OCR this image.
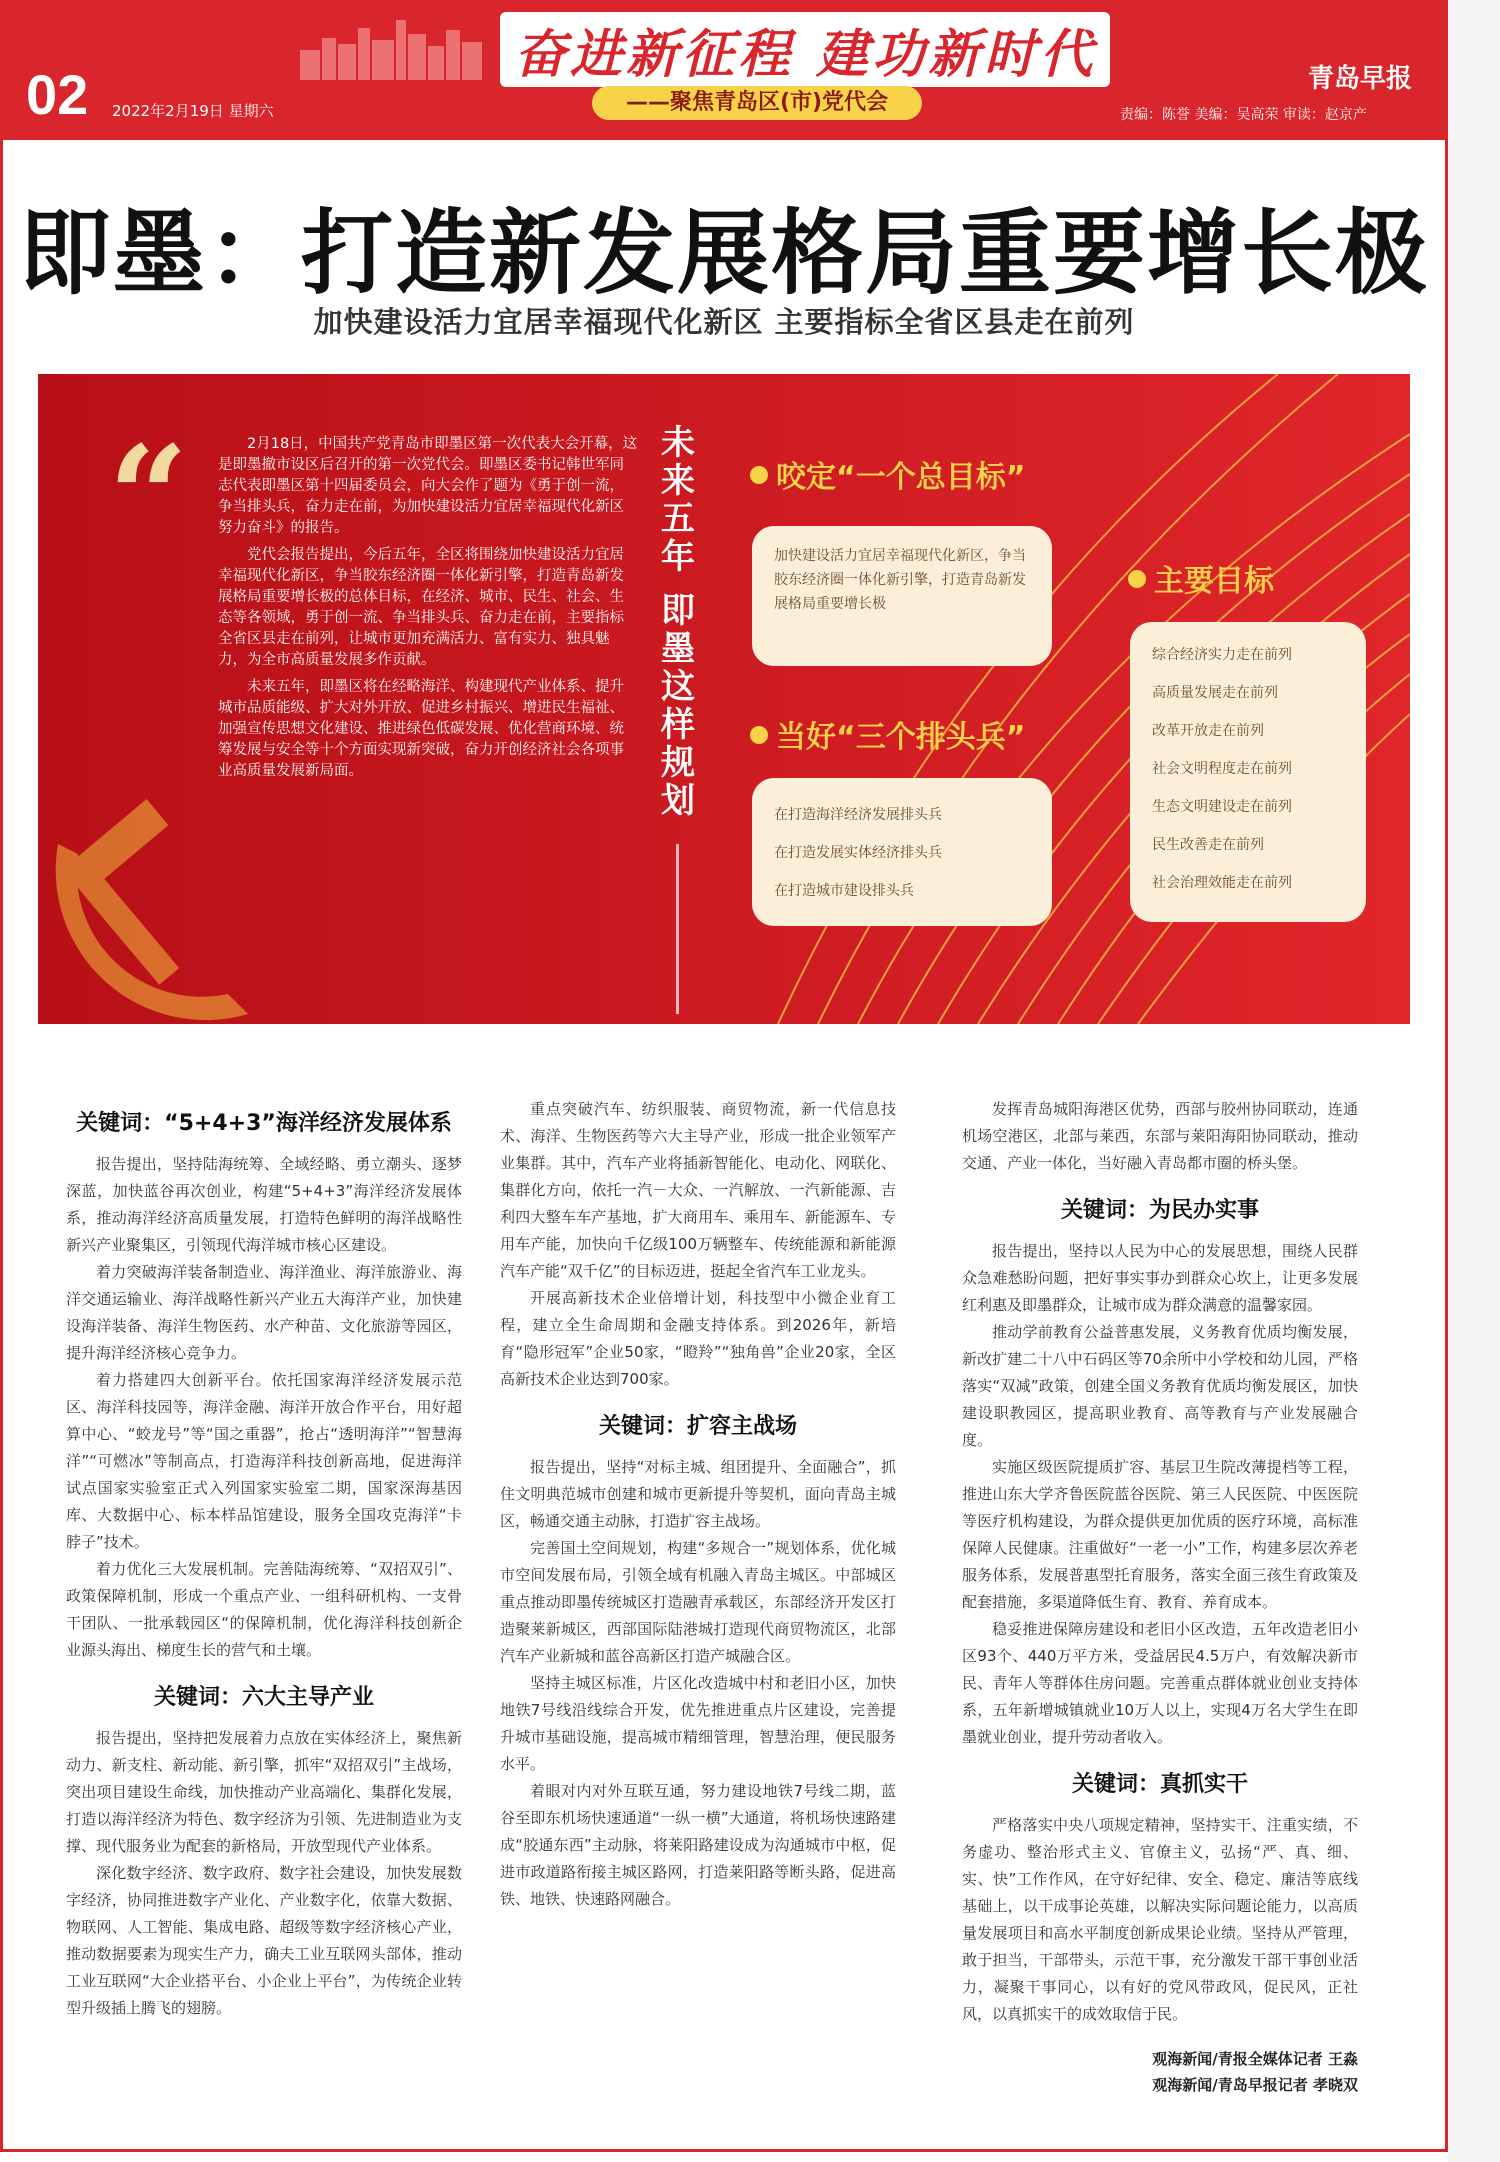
02 2022年2月19日 星期六
奋进新征程 建功新时代
——聚焦青岛区(市)党代会
青岛早报
责编：陈誉 美编：吴高荣 审读：赵京产
即墨：打造新发展格局重要增长极
加快建设活力宜居幸福现代化新区 主要指标全省区县走在前列
“	2月18日，中国共产党青岛市即墨区第一次代表大会开幕，这是即墨撤市设区后召开的第一次党代会。即墨区委书记韩世军同志代表即墨区第十四届委员会，向大会作了题为《勇于创一流，争当排头兵，奋力走在前，为加快建设活力宜居幸福现代化新区努力奋斗》的报告。

党代会报告提出，今后五年，全区将围绕加快建设活力宜居幸福现代化新区，争当胶东经济圈一体化新引擎，打造青岛新发展格局重要增长极的总体目标，在经济、城市、民生、社会、生态等各领域，勇于创一流、争当排头兵、奋力走在前，主要指标全省区县走在前列，让城市更加充满活力、富有实力、独具魅力，为全市高质量发展多作贡献。

未来五年，即墨区将在经略海洋、构建现代产业体系、提升城市品质能级、扩大对外开放、促进乡村振兴、增进民生福祉、加强宣传思想文化建设、推进绿色低碳发展、优化营商环境、统筹发展与安全等十个方面实现新突破，奋力开创经济社会各项事业高质量发展新局面。

未来五年
即墨这样规划
咬定“一个总目标”

加快建设活力宜居幸福现代化新区，争当胶东经济圈一体化新引擎，打造青岛新发展格局重要增长极

当好“三个排头兵”
在打造海洋经济发展排头兵
在打造发展实体经济排头兵
在打造城市建设排头兵
主要目标
综合经济实力走在前列
高质量发展走在前列
改革开放走在前列
社会文明程度走在前列
生态文明建设走在前列
民生改善走在前列
社会治理效能走在前列
关键词：“5+4+3”海洋经济发展体系

报告提出，坚持陆海统筹、全域经略、勇立潮头、逐梦深蓝，加快蓝谷再次创业，构建“5+4+3”海洋经济发展体系，推动海洋经济高质量发展，打造特色鲜明的海洋战略性新兴产业聚集区，引领现代海洋城市核心区建设。

着力突破海洋装备制造业、海洋渔业、海洋旅游业、海洋交通运输业、海洋战略性新兴产业五大海洋产业，加快建设海洋装备、海洋生物医药、水产种苗、文化旅游等园区，提升海洋经济核心竞争力。

着力搭建四大创新平台。依托国家海洋经济发展示范区、海洋科技园等，海洋金融、海洋开放合作平台，用好超算中心、“蛟龙号”等“国之重器”，抢占“透明海洋”“智慧海洋”“可燃冰”等制高点，打造海洋科技创新高地，促进海洋试点国家实验室正式入列国家实验室二期，国家深海基因库、大数据中心、标本样品馆建设，服务全国攻克海洋“卡脖子”技术。

着力优化三大发展机制。完善陆海统筹、“双招双引”、政策保障机制，形成一个重点产业、一组科研机构、一支骨干团队、一批承载园区“的保障机制，优化海洋科技创新企业源头海出、梯度生长的营气和土壤。

关键词：六大主导产业

报告提出，坚持把发展着力点放在实体经济上，聚焦新动力、新支柱、新动能、新引擎，抓牢“双招双引”主战场，突出项目建设生命线，加快推动产业高端化、集群化发展，打造以海洋经济为特色、数字经济为引领、先进制造业为支撑、现代服务业为配套的新格局，开放型现代产业体系。

深化数字经济、数字政府、数字社会建设，加快发展数字经济，协同推进数字产业化、产业数字化，依靠大数据、物联网、人工智能、集成电路、超级等数字经济核心产业，推动数据要素为现实生产力，确夫工业互联网头部体，推动工业互联网“大企业搭平台、小企业上平台”，为传统企业转型升级插上腾飞的翅膀。

重点突破汽车、纺织服装、商贸物流，新一代信息技术、海洋、生物医药等六大主导产业，形成一批企业领军产业集群。其中，汽车产业将插新智能化、电动化、网联化、集群化方向，依托一汽－大众、一汽解放、一汽新能源、吉利四大整车车产基地，扩大商用车、乘用车、新能源车、专用车产能，加快向千亿级100万辆整车、传统能源和新能源汽车产能“双千亿”的目标迈进，挺起全省汽车工业龙头。

开展高新技术企业倍增计划，科技型中小微企业育工程，建立全生命周期和金融支持体系。到2026年，新培育“隐形冠军”企业50家，“瞪羚”“独角兽”企业20家，全区高新技术企业达到700家。

关键词：扩容主战场

报告提出，坚持“对标主城、组团提升、全面融合”，抓住文明典范城市创建和城市更新提升等契机，面向青岛主城区，畅通交通主动脉，打造扩容主战场。

完善国土空间规划，构建“多规合一”规划体系，优化城市空间发展布局，引领全域有机融入青岛主城区。中部城区重点推动即墨传统城区打造融青承载区，东部经济开发区打造聚莱新城区，西部国际陆港城打造现代商贸物流区，北部汽车产业新城和蓝谷高新区打造产城融合区。

坚持主城区标准，片区化改造城中村和老旧小区，加快地铁7号线沿线综合开发，优先推进重点片区建设，完善提升城市基础设施，提高城市精细管理，智慧治理，便民服务水平。

着眼对内对外互联互通，努力建设地铁7号线二期，蓝谷至即东机场快速通道“一纵一横”大通道，将机场快速路建成“胶通东西”主动脉，将莱阳路建设成为沟通城市中枢，促进市政道路衔接主城区路网，打造莱阳路等断头路，促进高铁、地铁、快速路网融合。

发挥青岛城阳海港区优势，西部与胶州协同联动，连通机场空港区，北部与莱西，东部与莱阳海阳协同联动，推动交通、产业一体化，当好融入青岛都市圈的桥头堡。

关键词：为民办实事

报告提出，坚持以人民为中心的发展思想，围绕人民群众急难愁盼问题，把好事实事办到群众心坎上，让更多发展红利惠及即墨群众，让城市成为群众满意的温馨家园。

推动学前教育公益普惠发展，义务教育优质均衡发展，新改扩建二十八中石码区等70余所中小学校和幼儿园，严格落实“双减”政策，创建全国义务教育优质均衡发展区，加快建设职教园区，提高职业教育、高等教育与产业发展融合度。

实施区级医院提质扩容、基层卫生院改薄提档等工程，推进山东大学齐鲁医院蓝谷医院、第三人民医院、中医医院等医疗机构建设，为群众提供更加优质的医疗环境，高标准保障人民健康。注重做好“一老一小”工作，构建多层次养老服务体系，发展普惠型托育服务，落实全面三孩生育政策及配套措施，多渠道降低生育、教育、养育成本。

稳妥推进保障房建设和老旧小区改造，五年改造老旧小区93个、440万平方米，受益居民4.5万户，有效解决新市民、青年人等群体住房问题。完善重点群体就业创业支持体系，五年新增城镇就业10万人以上，实现4万名大学生在即墨就业创业，提升劳动者收入。

关键词：真抓实干

严格落实中央八项规定精神，坚持实干、注重实绩，不务虚功、整治形式主义、官僚主义，弘扬“严、真、细、实、快”工作作风，在守好纪律、安全、稳定、廉洁等底线基础上，以干成事论英雄，以解决实际问题论能力，以高质量发展项目和高水平制度创新成果论业绩。坚持从严管理，敢于担当，干部带头，示范干事，充分激发干部干事创业活力，凝聚干事同心，以有好的党风带政风，促民风，正社风，以真抓实干的成效取信于民。

观海新闻/青报全媒体记者 王淼
观海新闻/青岛早报记者 孝晓双
